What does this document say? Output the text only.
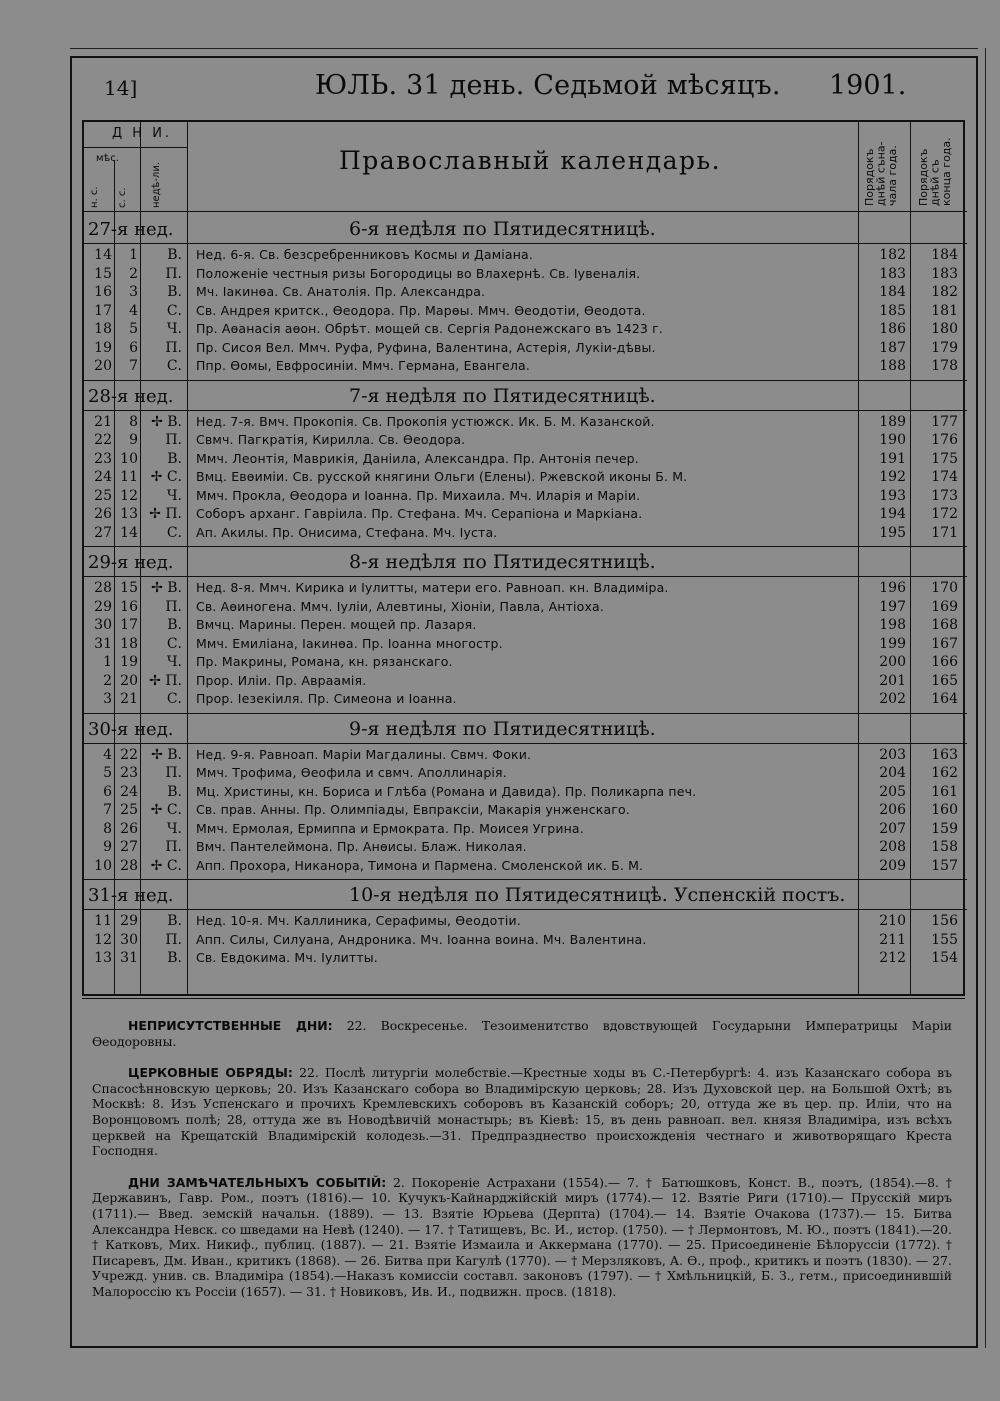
14]	ЮЛЬ. 31 день. Седьмой мѣсяцъ. 1901.
Д Н И.
мѣс.
н. с. с. с. недѣ-ли.
Православный календарь.	Порядокъ днѣй съна-чала года.	Порядокъ днѣй съ конца года.
27-я нед.	6-я недѣля по Пятидесятницѣ.
14	1	В. Нед. 6-я. Св. безсребренниковъ Космы и Даміана.	182	184
15	2	П. Положеніе честныя ризы Богородицы во Влахернѣ. Св. Іувеналія.	183	183
16	3	В. Мч. Іакинѳа. Св. Анатолія. Пр. Александра.	184	182
17	4	С. Св. Андрея критск., Ѳеодора. Пр. Марѳы. Ммч. Ѳеодотіи, Ѳеодота.	185	181
18	5	Ч. Пр. Аѳанасія аѳон. Обрѣт. мощей св. Сергія Радонежскаго въ 1423 г.	186	180
19	6	П. Пр. Сисоя Вел. Ммч. Руфа, Руфина, Валентина, Астерія, Лукіи-дѣвы.	187	179
20	7	С. Ппр. Ѳомы, Евфросиніи. Ммч. Германа, Евангела.	188	178
28-я нед.	7-я недѣля по Пятидесятницѣ.
21	8 ✢ В. Нед. 7-я. Вмч. Прокопія. Св. Прокопія устюжск. Ик. Б. М. Казанской.	189	177
22	9	П. Свмч. Пагкратія, Кирилла. Св. Ѳеодора.	190	176
23 10	В. Ммч. Леонтія, Маврикія, Даніила, Александра. Пр. Антонія печер.	191	175
24 11 ✢ С. Вмц. Евѳиміи. Св. русской княгини Ольги (Елены). Ржевской иконы Б. М.	192	174
25 12	Ч. Ммч. Прокла, Ѳеодора и Іоанна. Пр. Михаила. Мч. Иларія и Маріи.	193	173
26 13 ✢ П. Соборъ арханг. Гавріила. Пр. Стефана. Мч. Серапіона и Маркіана.	194	172
27 14	С. Ап. Акилы. Пр. Онисима, Стефана. Мч. Іуста.	195	171
29-я нед.	8-я недѣля по Пятидесятницѣ.
28 15 ✢ В. Нед. 8-я. Ммч. Кирика и Іулитты, матери его. Равноап. кн. Владиміра.	196	170
29 16	П. Св. Аѳиногена. Ммч. Іуліи, Алевтины, Хіоніи, Павла, Антіоха.	197	169
30 17	В. Вмчц. Марины. Перен. мощей пр. Лазаря.	198	168
31 18	С. Ммч. Емиліана, Іакинѳа. Пр. Іоанна многостр.	199	167
1 19	Ч. Пр. Макрины, Романа, кн. рязанскаго.	200	166
2 20 ✢ П. Прор. Иліи. Пр. Авраамія.	201	165
3 21	С. Прор. Іезекіиля. Пр. Симеона и Іоанна.	202	164
30-я нед.	9-я недѣля по Пятидесятницѣ.
4 22 ✢ В. Нед. 9-я. Равноап. Маріи Магдалины. Свмч. Фоки.	203	163
5 23	П. Ммч. Трофима, Ѳеофила и свмч. Аполлинарія.	204	162
6 24	В. Мц. Христины, кн. Бориса и Глѣба (Романа и Давида). Пр. Поликарпа печ.	205	161
7 25 ✢ С. Св. прав. Анны. Пр. Олимпіады, Евпраксіи, Макарія унженскаго.	206	160
8 26	Ч. Ммч. Ермолая, Ермиппа и Ермократа. Пр. Моисея Угрина.	207	159
9 27	П. Вмч. Пантелеймона. Пр. Анѳисы. Блаж. Николая.	208	158
10 28 ✢ С. Апп. Прохора, Никанора, Тимона и Пармена. Смоленской ик. Б. М.	209	157
31-я нед.	10-я недѣля по Пятидесятницѣ. Успенскій постъ.
11 29	В. Нед. 10-я. Мч. Каллиника, Серафимы, Ѳеодотіи.	210	156
12 30	П. Апп. Силы, Силуана, Андроника. Мч. Іоанна воина. Мч. Валентина.	211	155
13 31	В. Св. Евдокима. Мч. Іулитты.	212	154

НЕПРИСУТСТВЕННЫЕ ДНИ: 22. Воскресенье. Тезоименитство вдовствующей Государыни Императрицы Маріи Ѳеодоровны.

ЦЕРКОВНЫЕ ОБРЯДЫ: 22. Послѣ литургіи молебствіе.—Крестные ходы въ С.-Петербургѣ: 4. изъ Казанскаго собора въ Спасосѣнновскую церковь; 20. Изъ Казанскаго собора во Владимірскую церковь; 28. Изъ Духовской цер. на Большой Охтѣ; въ Москвѣ: 8. Изъ Успенскаго и прочихъ Кремлевскихъ соборовъ въ Казанскій соборъ; 20, оттуда же въ цер. пр. Иліи, что на Воронцовомъ полѣ; 28, оттуда же въ Новодѣвичій монастырь; въ Кіевѣ: 15, въ день равноап. вел. князя Владиміра, изъ всѣхъ церквей на Крещатскій Владимірскій колодезь.—31. Предпразднество происхожденія честнаго и животворящаго Креста Господня.

ДНИ ЗАМѢЧАТЕЛЬНЫХЪ СОБЫТІЙ: 2. Покореніе Астрахани (1554).— 7. † Батюшковъ, Конст. В., поэтъ, (1854).—8. † Державинъ, Гавр. Ром., поэтъ (1816).— 10. Кучукъ-Кайнарджійскій миръ (1774).— 12. Взятіе Риги (1710).— Прусскій миръ (1711).— Введ. земскій начальн. (1889). — 13. Взятіе Юрьева (Дерпта) (1704).— 14. Взятіе Очакова (1737).— 15. Битва Александра Невск. со шведами на Невѣ (1240). — 17. † Татищевъ, Вс. И., истор. (1750). — † Лермонтовъ, М. Ю., поэтъ (1841).—20. † Катковъ, Мих. Никиф., публиц. (1887). — 21. Взятіе Измаила и Аккермана (1770). — 25. Присоединеніе Бѣлоруссіи (1772). † Писаревъ, Дм. Иван., критикъ (1868). — 26. Битва при Кагулѣ (1770). — † Мерзляковъ, А. Ѳ., проф., критикъ и поэтъ (1830). — 27. Учрежд. унив. св. Владиміра (1854).—Наказъ комиссіи составл. законовъ (1797). — † Хмѣльницкій, Б. З., гетм., присоединившій Малороссію къ Россіи (1657). — 31. † Новиковъ, Ив. И., подвижн. просв. (1818).
